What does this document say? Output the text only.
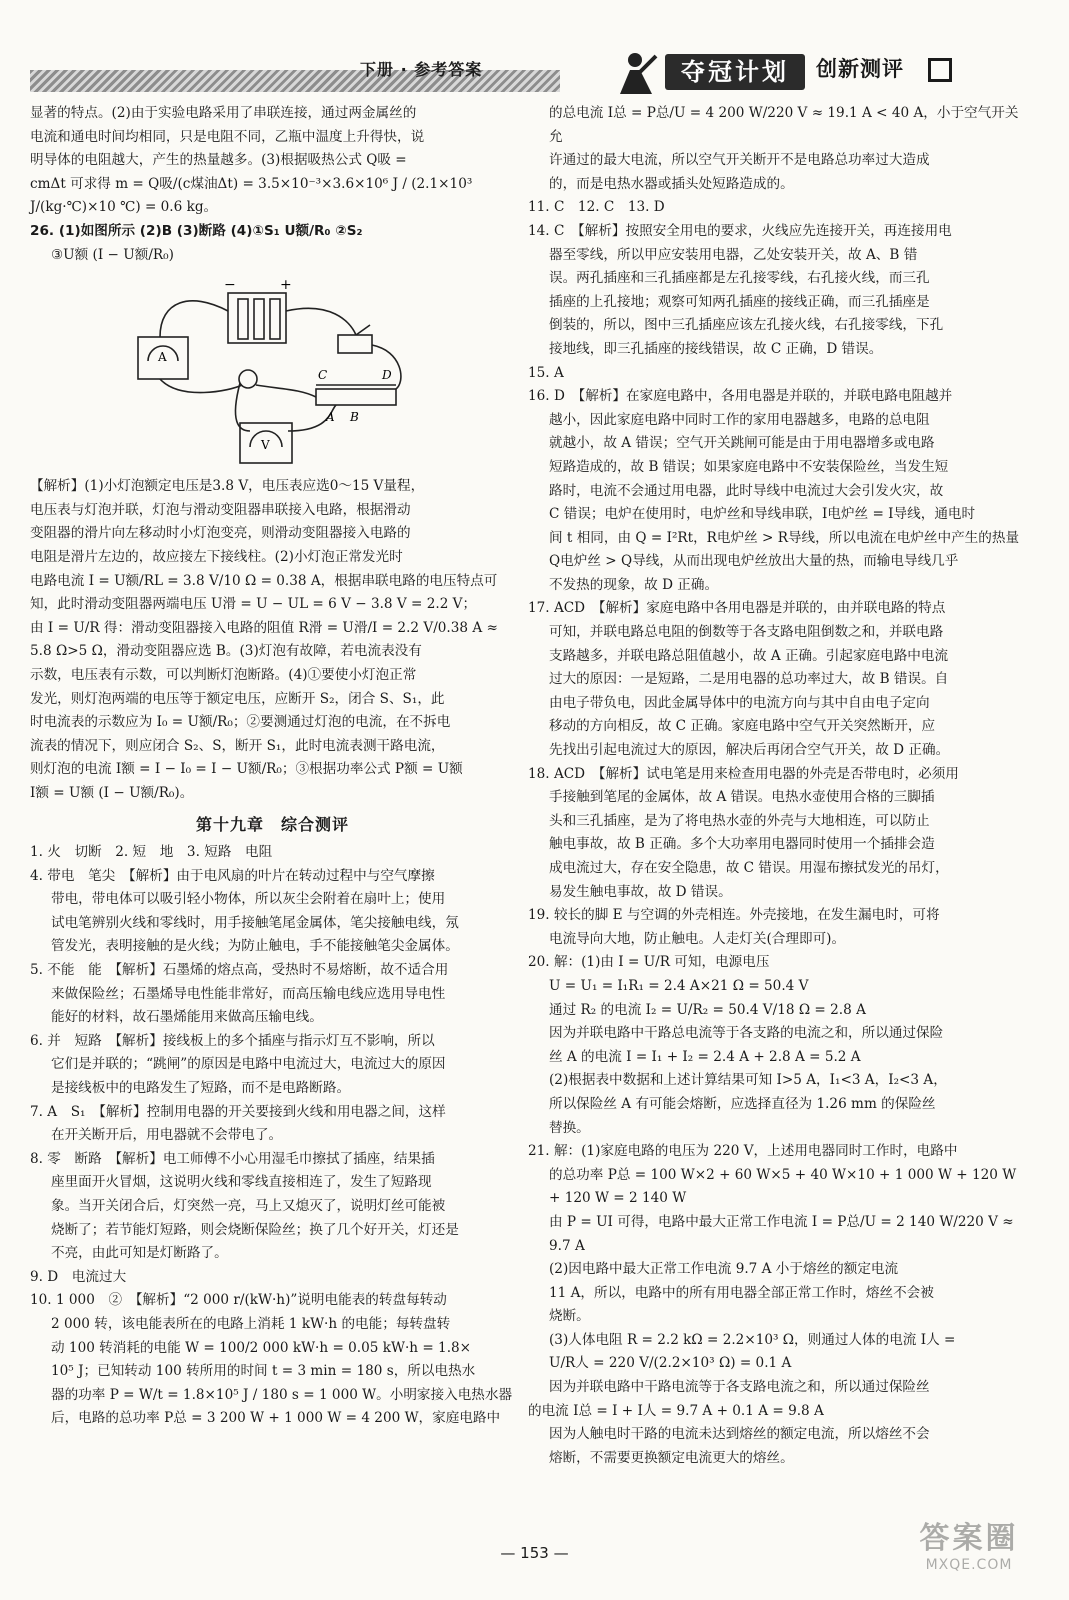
下册 · 参考答案	夺冠计划	创新测评

显著的特点。(2)由于实验电路采用了串联连接，通过两金属丝的

电流和通电时间均相同，只是电阻不同，乙瓶中温度上升得快，说

明导体的电阻越大，产生的热量越多。(3)根据吸热公式 Q吸 =

cmΔt 可求得 m = Q吸/(c煤油Δt) = 3.5×10⁻³×3.6×10⁶ J / (2.1×10³ J/(kg·℃)×10 ℃) = 0.6 kg。

26. (1)如图所示 (2)B (3)断路 (4)①S₁ U额/R₀ ②S₂

③U额 (I − U额/R₀)

−	+
A
V
C	D
A B

【解析】(1)小灯泡额定电压是3.8 V，电压表应选0～15 V量程，

电压表与灯泡并联，灯泡与滑动变阻器串联接入电路，根据滑动

变阻器的滑片向左移动时小灯泡变亮，则滑动变阻器接入电路的

电阻是滑片左边的，故应接左下接线柱。(2)小灯泡正常发光时

电路电流 I = U额/RL = 3.8 V/10 Ω = 0.38 A，根据串联电路的电压特点可

知，此时滑动变阻器两端电压 U滑 = U − UL = 6 V − 3.8 V = 2.2 V；

由 I = U/R 得：滑动变阻器接入电路的阻值 R滑 = U滑/I = 2.2 V/0.38 A ≈

5.8 Ω>5 Ω，滑动变阻器应选 B。(3)灯泡有故障，若电流表没有

示数，电压表有示数，可以判断灯泡断路。(4)①要使小灯泡正常

发光，则灯泡两端的电压等于额定电压，应断开 S₂，闭合 S、S₁，此

时电流表的示数应为 I₀ = U额/R₀；②要测通过灯泡的电流，在不拆电

流表的情况下，则应闭合 S₂、S，断开 S₁，此时电流表测干路电流，

则灯泡的电流 I额 = I − I₀ = I − U额/R₀；③根据功率公式 P额 = U额

I额 = U额 (I − U额/R₀)。

第十九章　综合测评

1. 火　切断　2. 短　地　3. 短路　电阻

4. 带电　笔尖　【解析】由于电风扇的叶片在转动过程中与空气摩擦

带电，带电体可以吸引轻小物体，所以灰尘会附着在扇叶上；使用

试电笔辨别火线和零线时，用手接触笔尾金属体，笔尖接触电线，氖

管发光，表明接触的是火线；为防止触电，手不能接触笔尖金属体。

5. 不能　能　【解析】石墨烯的熔点高，受热时不易熔断，故不适合用

来做保险丝；石墨烯导电性能非常好，而高压输电线应选用导电性

能好的材料，故石墨烯能用来做高压输电线。

6. 并　短路　【解析】接线板上的多个插座与指示灯互不影响，所以

它们是并联的；“跳闸”的原因是电路中电流过大，电流过大的原因

是接线板中的电路发生了短路，而不是电路断路。

7. A　S₁　【解析】控制用电器的开关要接到火线和用电器之间，这样

在开关断开后，用电器就不会带电了。

8. 零　断路　【解析】电工师傅不小心用湿毛巾擦拭了插座，结果插

座里面开火冒烟，这说明火线和零线直接相连了，发生了短路现

象。当开关闭合后，灯突然一亮，马上又熄灭了，说明灯丝可能被

烧断了；若节能灯短路，则会烧断保险丝；换了几个好开关，灯还是

不亮，由此可知是灯断路了。

9. D　电流过大

10. 1 000　②　【解析】“2 000 r/(kW·h)”说明电能表的转盘每转动

2 000 转，该电能表所在的电路上消耗 1 kW·h 的电能；每转盘转

动 100 转消耗的电能 W = 100/2 000 kW·h = 0.05 kW·h = 1.8×

10⁵ J；已知转动 100 转所用的时间 t = 3 min = 180 s，所以电热水

器的功率 P = W/t = 1.8×10⁵ J / 180 s = 1 000 W。小明家接入电热水器

后，电路的总功率 P总 = 3 200 W + 1 000 W = 4 200 W，家庭电路中

的总电流 I总 = P总/U = 4 200 W/220 V ≈ 19.1 A < 40 A，小于空气开关允

许通过的最大电流，所以空气开关断开不是电路总功率过大造成

的，而是电热水器或插头处短路造成的。

11. C　12. C　13. D

14. C　【解析】按照安全用电的要求，火线应先连接开关，再连接用电

器至零线，所以甲应安装用电器，乙处安装开关，故 A、B 错

误。两孔插座和三孔插座都是左孔接零线，右孔接火线，而三孔

插座的上孔接地；观察可知两孔插座的接线正确，而三孔插座是

倒装的，所以，图中三孔插座应该左孔接火线，右孔接零线，下孔

接地线，即三孔插座的接线错误，故 C 正确，D 错误。

15. A

16. D　【解析】在家庭电路中，各用电器是并联的，并联电路电阻越并

越小，因此家庭电路中同时工作的家用电器越多，电路的总电阻

就越小，故 A 错误；空气开关跳闸可能是由于用电器增多或电路

短路造成的，故 B 错误；如果家庭电路中不安装保险丝，当发生短

路时，电流不会通过用电器，此时导线中电流过大会引发火灾，故

C 错误；电炉在使用时，电炉丝和导线串联，I电炉丝 = I导线，通电时

间 t 相同，由 Q = I²Rt，R电炉丝 > R导线，所以电流在电炉丝中产生的热量

Q电炉丝 > Q导线，从而出现电炉丝放出大量的热，而输电导线几乎

不发热的现象，故 D 正确。

17. ACD　【解析】家庭电路中各用电器是并联的，由并联电路的特点

可知，并联电路总电阻的倒数等于各支路电阻倒数之和，并联电路

支路越多，并联电路总阻值越小，故 A 正确。引起家庭电路中电流

过大的原因：一是短路，二是用电器的总功率过大，故 B 错误。自

由电子带负电，因此金属导体中的电流方向与其中自由电子定向

移动的方向相反，故 C 正确。家庭电路中空气开关突然断开，应

先找出引起电流过大的原因，解决后再闭合空气开关，故 D 正确。

18. ACD　【解析】试电笔是用来检查用电器的外壳是否带电时，必须用

手接触到笔尾的金属体，故 A 错误。电热水壶使用合格的三脚插

头和三孔插座，是为了将电热水壶的外壳与大地相连，可以防止

触电事故，故 B 正确。多个大功率用电器同时使用一个插排会造

成电流过大，存在安全隐患，故 C 错误。用湿布擦拭发光的吊灯，

易发生触电事故，故 D 错误。

19. 较长的脚 E 与空调的外壳相连。外壳接地，在发生漏电时，可将

电流导向大地，防止触电。人走灯关(合理即可)。

20. 解：(1)由 I = U/R 可知，电源电压

U = U₁ = I₁R₁ = 2.4 A×21 Ω = 50.4 V

通过 R₂ 的电流 I₂ = U/R₂ = 50.4 V/18 Ω = 2.8 A

因为并联电路中干路总电流等于各支路的电流之和，所以通过保险

丝 A 的电流 I = I₁ + I₂ = 2.4 A + 2.8 A = 5.2 A

(2)根据表中数据和上述计算结果可知 I>5 A，I₁<3 A，I₂<3 A，

所以保险丝 A 有可能会熔断，应选择直径为 1.26 mm 的保险丝

替换。

21. 解：(1)家庭电路的电压为 220 V，上述用电器同时工作时，电路中

的总功率 P总 = 100 W×2 + 60 W×5 + 40 W×10 + 1 000 W + 120 W

+ 120 W = 2 140 W

由 P = UI 可得，电路中最大正常工作电流 I = P总/U = 2 140 W/220 V ≈

9.7 A

(2)因电路中最大正常工作电流 9.7 A 小于熔丝的额定电流

11 A，所以，电路中的所有用电器全部正常工作时，熔丝不会被

烧断。

(3)人体电阻 R = 2.2 kΩ = 2.2×10³ Ω，则通过人体的电流 I人 =

U/R人 = 220 V/(2.2×10³ Ω) = 0.1 A

因为并联电路中干路电流等于各支路电流之和，所以通过保险丝

的电流 I总 = I + I人 = 9.7 A + 0.1 A = 9.8 A

因为人触电时干路的电流未达到熔丝的额定电流，所以熔丝不会

熔断，不需要更换额定电流更大的熔丝。

— 153 —	答案圈
MXQE.COM
